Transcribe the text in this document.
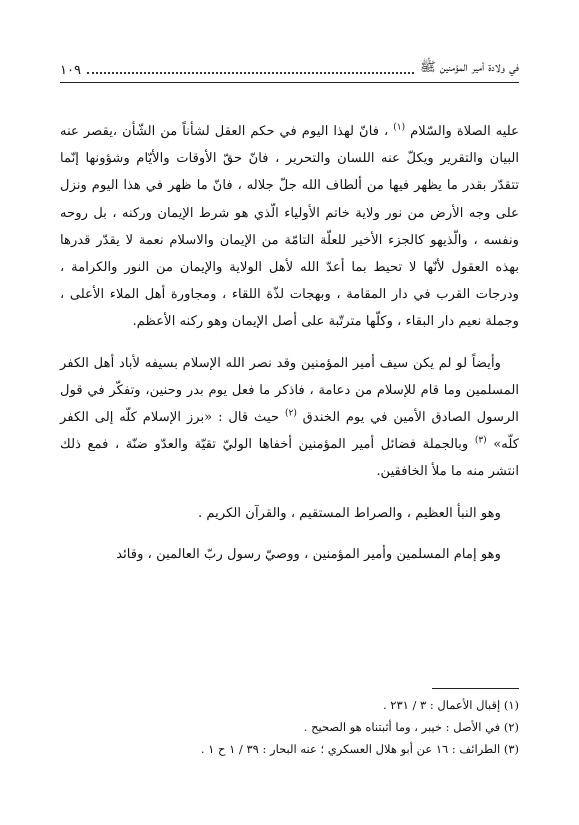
في ولادة أمير المؤمنين ﷺ
١٠٩

عليه الصلاة والسّلام $^{(١)}$ ، فانّ لهذا اليوم في حكم العقل لشأناً من الشّأن ،يقصر عنه البيان والتقرير ويكلّ عنه اللسان والتحرير ، فانّ حقّ الأوقات والأيّام وشؤونها إنّما تتقدّر بقدر ما يظهر فيها من ألطاف الله جلّ جلاله ، فانّ ما ظهر في هذا اليوم ونزل على وجه الأرض من نور ولاية خاتم الأولياء الّذي هو شرط الإيمان وركنه ، بل روحه ونفسه ، والّذيهو كالجزء الأخير للعلّة التامّة من الإيمان والاسلام نعمة لا يقدّر قدرها بهذه العقول لأنّها لا تحيط بما أعدّ الله لأهل الولاية والإيمان من النور والكرامة ، ودرجات القرب في دار المقامة ، وبهجات لذّة اللقاء ، ومجاورة أهل الملاء الأعلى ، وجملة نعيم دار البقاء ، وكلّها مترتّبة على أصل الإيمان وهو ركنه الأعظم.

وأيضاً لو لم يكن سيف أمير المؤمنين وقد نصر الله الإسلام بسيفه لأباد أهل الكفر المسلمين وما قام للإسلام من دعامة ، فاذكر ما فعل يوم بدر وحنين، وتفكّر في قول الرسول الصادق الأمين في يوم الخندق $^{(٢)}$ حيث قال : «برز الإسلام كلّه إلى الكفر كلّه» $^{(٣)}$ وبالجملة فضائل أمير المؤمنين أخفاها الوليّ تقيّة والعدّو ضنّة ، فمع ذلك انتشر منه ما ملأ الخافقين.

وهو النبأ العظيم ، والصراط المستقيم ، والقرآن الكريم .

وهو إمام المسلمين وأمير المؤمنين ، ووصيّ رسول ربّ العالمين ، وقائد

(١) إقبال الأعمال : ٣ / ٢٣١ .
(٢) في الأصل : خيبر ، وما أثبتناه هو الصحيح .
(٣) الطرائف : ١٦ عن أبو هلال العسكري ؛ عنه البحار : ٣٩ / ١ ح ١ .
